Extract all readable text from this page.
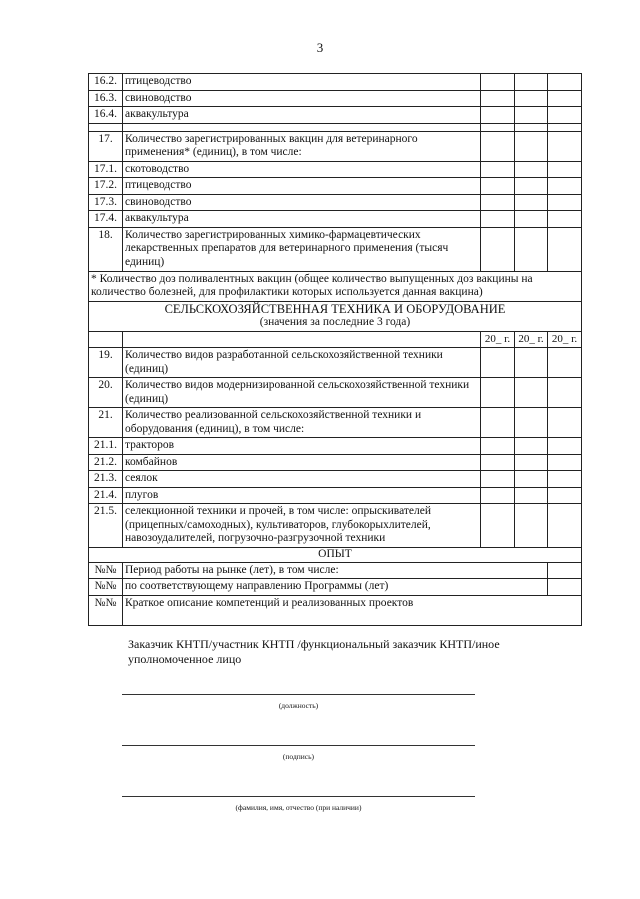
3
16.2.	птицеводство			
16.3.	свиноводство			
16.4.	аквакультура			

17.	Количество зарегистрированных вакцин для ветеринарного применения* (единиц), в том числе:			
17.1.	скотоводство			
17.2.	птицеводство			
17.3.	свиноводство			
17.4.	аквакультура			
18.	Количество зарегистрированных химико-фармацевтических лекарственных препаратов для ветеринарного применения (тысяч единиц)			
* Количество доз поливалентных вакцин (общее количество выпущенных доз вакцины на количество болезней, для профилактики которых используется данная вакцина)				

СЕЛЬСКОХОЗЯЙСТВЕННАЯ ТЕХНИКА И ОБОРУДОВАНИЕ
(значения за последние 3 года)				

		20_ г.	20_ г.	20_ г.
19.	Количество видов разработанной сельскохозяйственной техники (единиц)			
20.	Количество видов модернизированной сельскохозяйственной техники (единиц)			
21.	Количество реализованной сельскохозяйственной техники и оборудования (единиц), в том числе:			
21.1.	тракторов			
21.2.	комбайнов			
21.3.	сеялок			
21.4.	плугов			
21.5.	селекционной техники и прочей, в том числе: опрыскивателей (прицепных/самоходных), культиваторов, глубокорыхлителей, навозоудалителей, погрузочно-разгрузочной техники			
ОПЫТ				
№№	Период работы на рынке (лет), в том числе:			
№№	по соответствующему направлению Программы (лет)			
№№	Краткое описание компетенций и реализованных проектов			
Заказчик КНТП/участник КНТП /функциональный заказчик КНТП/иное уполномоченное лицо
(должность)
(подпись)
(фамилия, имя, отчество (при наличии)
